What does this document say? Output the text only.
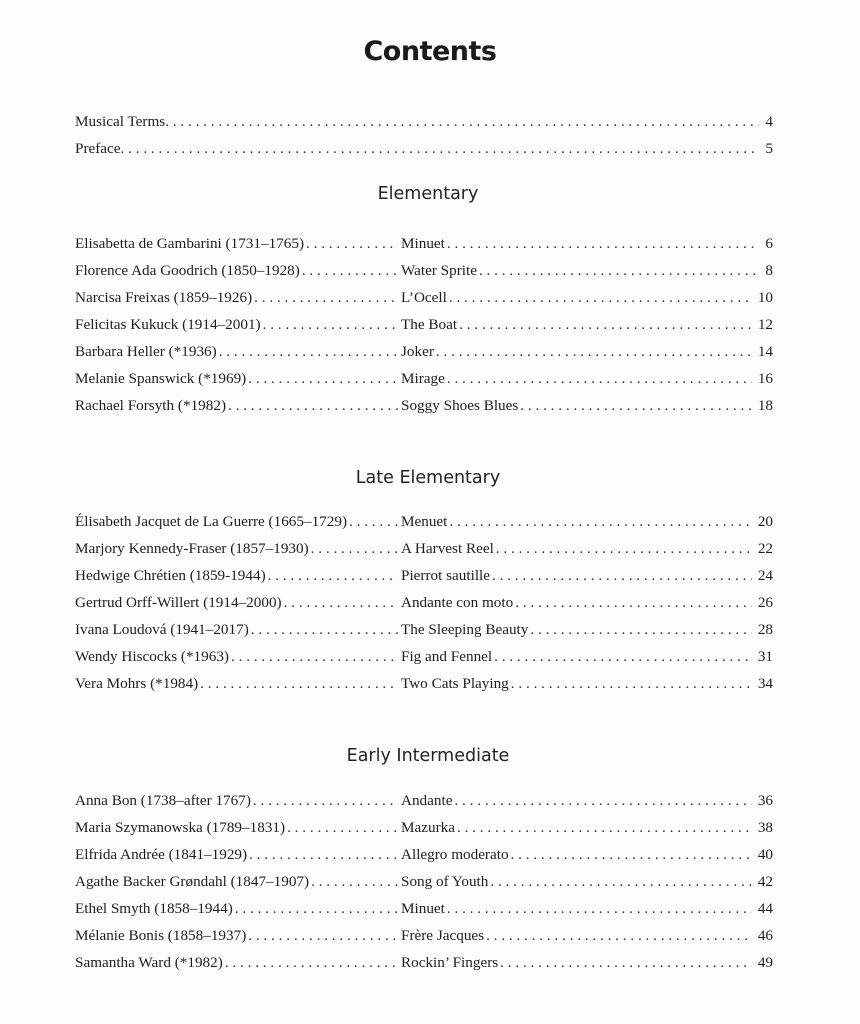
Contents
Musical Terms . . .	4
Preface . . .	5
Elementary
Elisabetta de Gambarini (1731–1765) . . .	Minuet . . .	6
Florence Ada Goodrich (1850–1928) . . .	Water Sprite . . .	8
Narcisa Freixas (1859–1926) . . .	L’Ocell . . .	10
Felicitas Kukuck (1914–2001) . . .	The Boat . . .	12
Barbara Heller (*1936) . . .	Joker . . .	14
Melanie Spanswick (*1969) . . .	Mirage . . .	16
Rachael Forsyth (*1982) . . .	Soggy Shoes Blues . . .	18
Late Elementary
Élisabeth Jacquet de La Guerre (1665–1729) . . .	Menuet . . .	20
Marjory Kennedy-Fraser (1857–1930) . . .	A Harvest Reel . . .	22
Hedwige Chrétien (1859-1944) . . .	Pierrot sautille . . .	24
Gertrud Orff-Willert (1914–2000) . . .	Andante con moto . . .	26
Ivana Loudová (1941–2017) . . .	The Sleeping Beauty . . .	28
Wendy Hiscocks (*1963) . . .	Fig and Fennel . . .	31
Vera Mohrs (*1984) . . .	Two Cats Playing . . .	34
Early Intermediate
Anna Bon (1738–after 1767) . . .	Andante . . .	36
Maria Szymanowska (1789–1831) . . .	Mazurka . . .	38
Elfrida Andrée (1841–1929) . . .	Allegro moderato . . .	40
Agathe Backer Grøndahl (1847–1907) . . .	Song of Youth . . .	42
Ethel Smyth (1858–1944) . . .	Minuet . . .	44
Mélanie Bonis (1858–1937) . . .	Frère Jacques . . .	46
Samantha Ward (*1982) . . .	Rockin’ Fingers . . .	49
